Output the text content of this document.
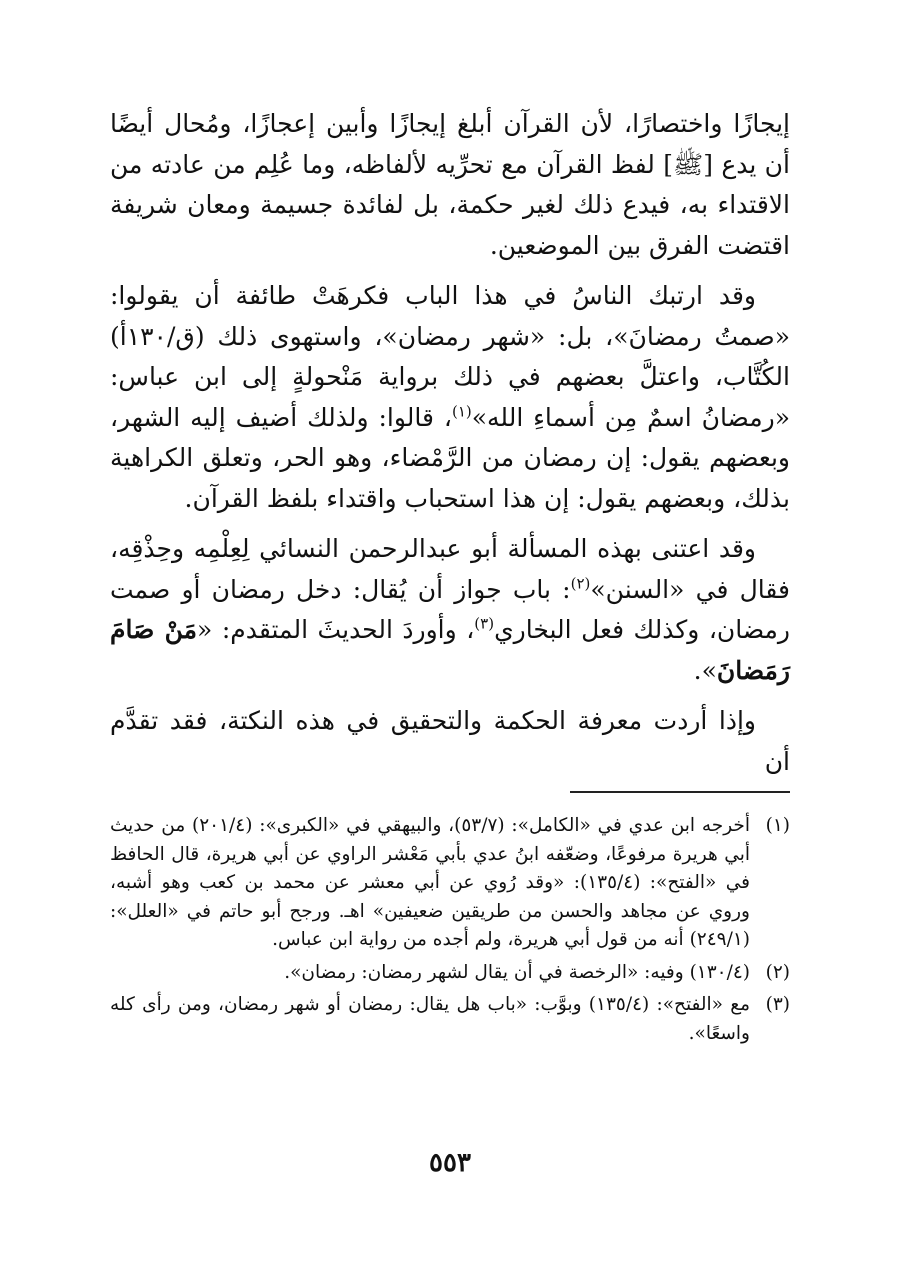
إيجازًا واختصارًا، لأن القرآن أبلغ إيجازًا وأبين إعجازًا، ومُحال أيضًا أن يدع [ﷺ] لفظ القرآن مع تحرِّيه لألفاظه، وما عُلِم من عادته من الاقتداء به، فيدع ذلك لغير حكمة، بل لفائدة جسيمة ومعان شريفة اقتضت الفرق بين الموضعين.

وقد ارتبك الناسُ في هذا الباب فكرهَتْ طائفة أن يقولوا: «صمتُ رمضانَ»، بل: «شهر رمضان»، واستهوى ذلك (ق/١٣٠أ) الكُتَّاب، واعتلَّ بعضهم في ذلك برواية مَنْحولةٍ إلى ابن عباس: «رمضانُ اسمٌ مِن أسماءِ الله»$^{(١)}$، قالوا: ولذلك أضيف إليه الشهر، وبعضهم يقول: إن رمضان من الرَّمْضاء، وهو الحر، وتعلق الكراهية بذلك، وبعضهم يقول: إن هذا استحباب واقتداء بلفظ القرآن.

وقد اعتنى بهذه المسألة أبو عبدالرحمن النسائي لِعِلْمِه وحِذْقِه، فقال في «السنن»$^{(٢)}$: باب جواز أن يُقال: دخل رمضان أو صمت رمضان، وكذلك فعل البخاري$^{(٣)}$، وأوردَ الحديثَ المتقدم: «مَنْ صَامَ رَمَضانَ».

وإذا أردت معرفة الحكمة والتحقيق في هذه النكتة، فقد تقدَّم أن

(١)
أخرجه ابن عدي في «الكامل»: (٥٣/٧)، والبيهقي في «الكبرى»: (٢٠١/٤) من حديث أبي هريرة مرفوعًا، وضعّفه ابنُ عدي بأبي مَعْشر الراوي عن أبي هريرة، قال الحافظ في «الفتح»: (١٣٥/٤): «وقد رُوي عن أبي معشر عن محمد بن كعب وهو أشبه، وروي عن مجاهد والحسن من طريقين ضعيفين» اهـ. ورجح أبو حاتم في «العلل»: (٢٤٩/١) أنه من قول أبي هريرة، ولم أجده من رواية ابن عباس.
(٢)
(١٣٠/٤) وفيه: «الرخصة في أن يقال لشهر رمضان: رمضان».
(٣)
مع «الفتح»: (١٣٥/٤) وبوَّب: «باب هل يقال: رمضان أو شهر رمضان، ومن رأى كله واسعًا».
٥٥٣
